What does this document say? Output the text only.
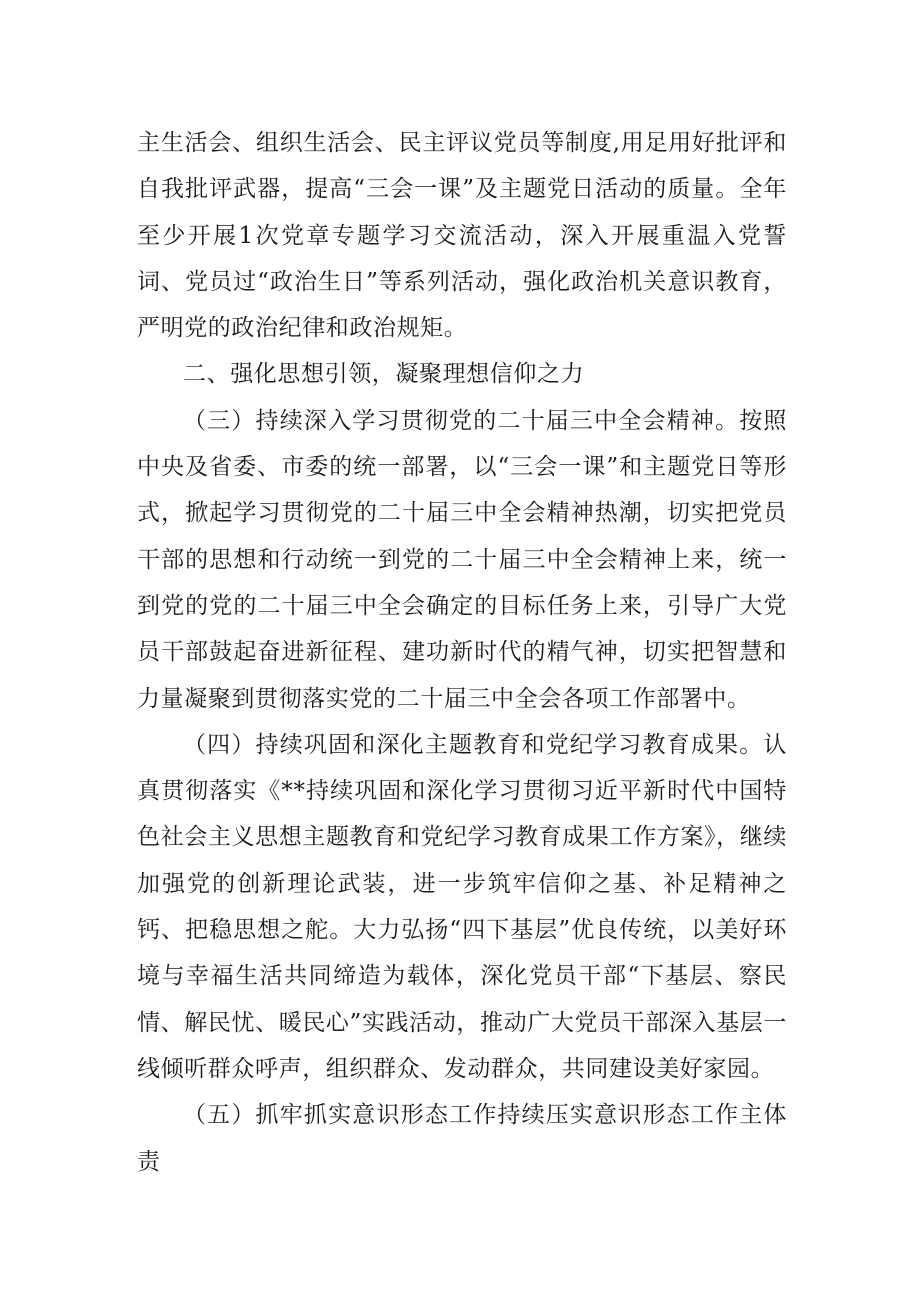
主生活会、组织生活会、民主评议党员等制度,用足用好批评和自我批评武器，提高“三会一课”及主题党日活动的质量。全年至少开展1次党章专题学习交流活动，深入开展重温入党誓词、党员过“政治生日”等系列活动，强化政治机关意识教育，严明党的政治纪律和政治规矩。

二、强化思想引领，凝聚理想信仰之力

（三）持续深入学习贯彻党的二十届三中全会精神。按照中央及省委、市委的统一部署，以“三会一课”和主题党日等形式，掀起学习贯彻党的二十届三中全会精神热潮，切实把党员干部的思想和行动统一到党的二十届三中全会精神上来，统一到党的党的二十届三中全会确定的目标任务上来，引导广大党员干部鼓起奋进新征程、建功新时代的精气神，切实把智慧和力量凝聚到贯彻落实党的二十届三中全会各项工作部署中。

（四）持续巩固和深化主题教育和党纪学习教育成果。认真贯彻落实《**持续巩固和深化学习贯彻习近平新时代中国特色社会主义思想主题教育和党纪学习教育成果工作方案》，继续加强党的创新理论武装，进一步筑牢信仰之基、补足精神之钙、把稳思想之舵。大力弘扬“四下基层”优良传统，以美好环境与幸福生活共同缔造为载体，深化党员干部“下基层、察民情、解民忧、暖民心”实践活动，推动广大党员干部深入基层一线倾听群众呼声，组织群众、发动群众，共同建设美好家园。

（五）抓牢抓实意识形态工作持续压实意识形态工作主体责
